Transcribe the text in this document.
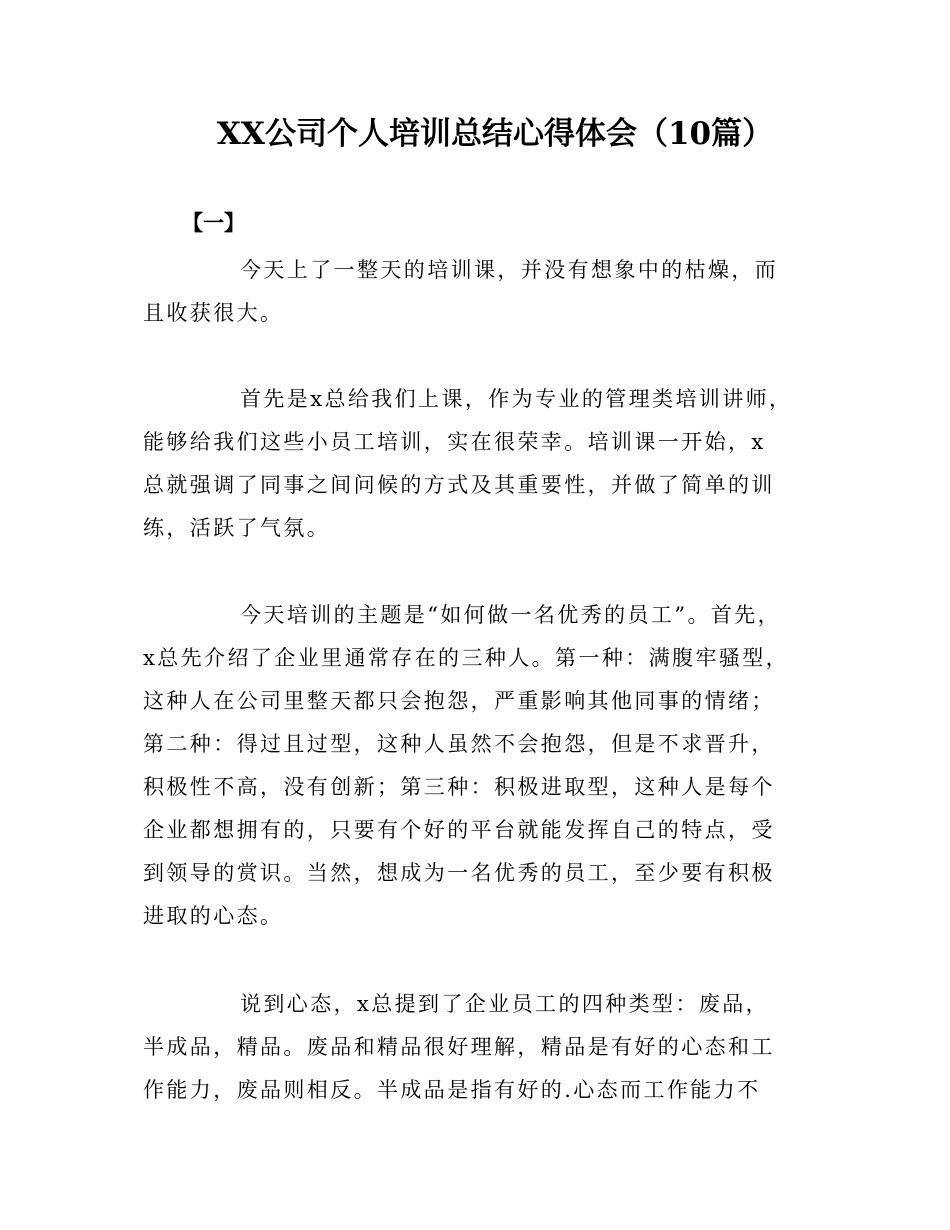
XX公司个人培训总结心得体会（10篇）
【一】
今天上了一整天的培训课，并没有想象中的枯燥，而
且收获很大。
首先是x总给我们上课，作为专业的管理类培训讲师，
能够给我们这些小员工培训，实在很荣幸。培训课一开始，x
总就强调了同事之间问候的方式及其重要性，并做了简单的训
练，活跃了气氛。
今天培训的主题是“如何做一名优秀的员工”。首先，
x总先介绍了企业里通常存在的三种人。第一种：满腹牢骚型，
这种人在公司里整天都只会抱怨，严重影响其他同事的情绪；
第二种：得过且过型，这种人虽然不会抱怨，但是不求晋升，
积极性不高，没有创新；第三种：积极进取型，这种人是每个
企业都想拥有的，只要有个好的平台就能发挥自己的特点，受
到领导的赏识。当然，想成为一名优秀的员工，至少要有积极
进取的心态。
说到心态，x总提到了企业员工的四种类型：废品，
半成品，精品。废品和精品很好理解，精品是有好的心态和工
作能力，废品则相反。半成品是指有好的.心态而工作能力不
